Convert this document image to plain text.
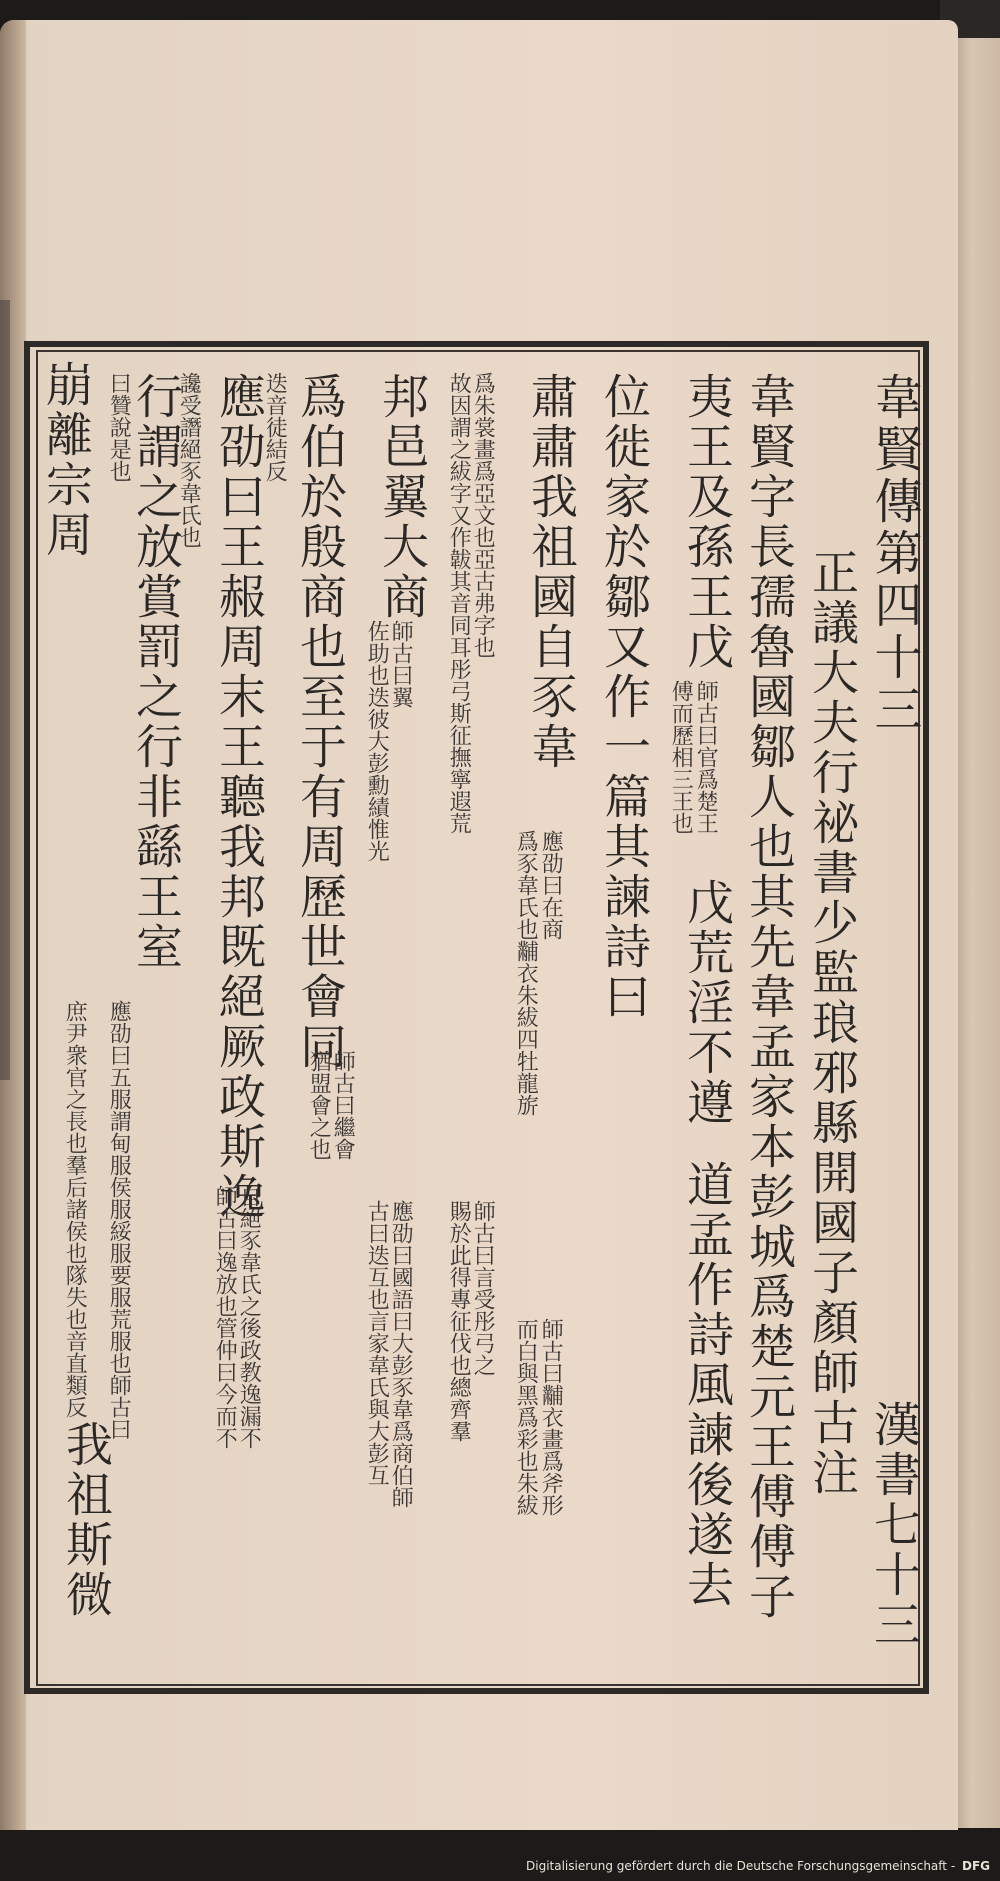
韋賢傳第四十三
漢書七十三
正議大夫行祕書少監琅邪縣開國子顏師古注
韋賢字長孺魯國鄒人也其先韋孟家本彭城爲楚元王傅傅子
夷王及孫王戊
師古曰官爲楚王
傅而歷相三王也
戊荒淫不遵
道孟作詩風諫後遂去
位徙家於鄒又作一篇其諫詩曰
肅肅我祖國自豕韋
應劭曰在商
爲豕韋氏也黼衣朱紱四牡龍旂
師古曰黼衣畫爲斧形
而白與黑爲彩也朱紱
爲朱裳畫爲亞文也亞古弗字也
故因謂之紱字又作韍其音同耳彤弓斯征撫寧遐荒
師古曰言受彤弓之
賜於此得專征伐也總齊羣
邦邑翼大商
師古曰翼
佐助也迭彼大彭勳績惟光
應劭曰國語曰大彭豕韋爲商伯師
古曰迭互也言家韋氏與大彭互
爲伯於殷商也至于有周歷世會同
師古曰繼會
猶盟會之也
迭音徒結反
應劭曰王赧周末王聽我邦既絕厥政斯逸
讒受譖絕豕韋氏也
行謂之放賞罰之行非繇王室
自絕豕韋氏之後政教逸漏不
師古曰逸放也管仲曰今而不
曰贊說是也
崩離宗周
應劭曰五服謂甸服侯服綏服要服荒服也師古曰
庶尹衆官之長也羣后諸侯也隊失也音直類反
我祖斯微
Digitalisierung gefördert durch die Deutsche Forschungsgemeinschaft - DFG
